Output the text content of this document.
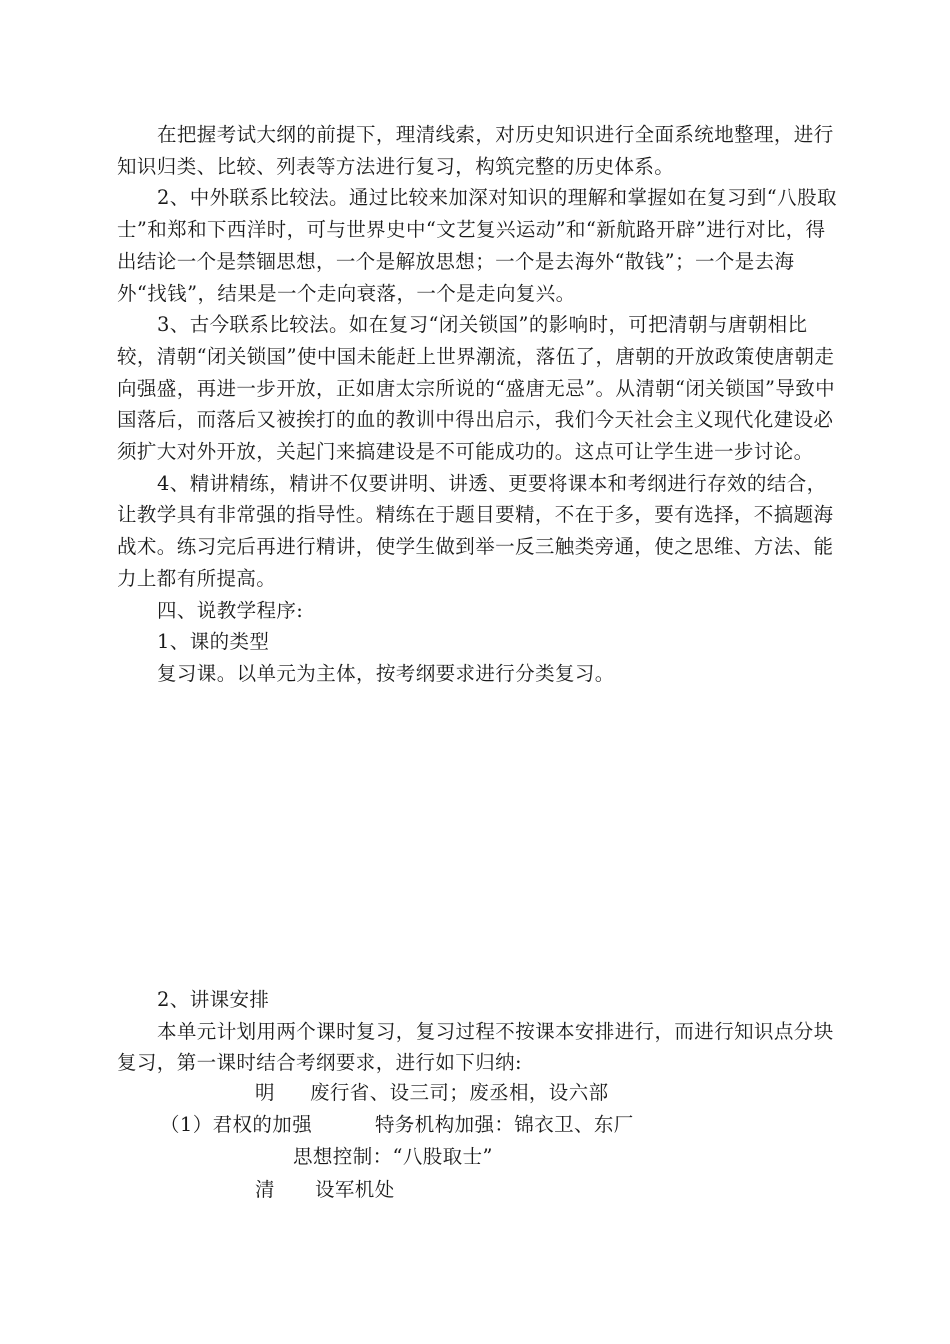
在把握考试大纲的前提下，理清线索，对历史知识进行全面系统地整理，进行知识归类、比较、列表等方法进行复习，构筑完整的历史体系。

2、中外联系比较法。通过比较来加深对知识的理解和掌握如在复习到“八股取士”和郑和下西洋时，可与世界史中“文艺复兴运动”和“新航路开辟”进行对比，得出结论一个是禁锢思想，一个是解放思想；一个是去海外“散钱”；一个是去海外“找钱”，结果是一个走向衰落，一个是走向复兴。

3、古今联系比较法。如在复习“闭关锁国”的影响时，可把清朝与唐朝相比较，清朝“闭关锁国”使中国未能赶上世界潮流，落伍了，唐朝的开放政策使唐朝走向强盛，再进一步开放，正如唐太宗所说的“盛唐无忌”。从清朝“闭关锁国”导致中国落后，而落后又被挨打的血的教训中得出启示，我们今天社会主义现代化建设必须扩大对外开放，关起门来搞建设是不可能成功的。这点可让学生进一步讨论。

4、精讲精练，精讲不仅要讲明、讲透、更要将课本和考纲进行存效的结合，让教学具有非常强的指导性。精练在于题目要精，不在于多，要有选择，不搞题海战术。练习完后再进行精讲，使学生做到举一反三触类旁通，使之思维、方法、能力上都有所提高。

四、说教学程序:

1、课的类型

复习课。以单元为主体，按考纲要求进行分类复习。

2、讲课安排

本单元计划用两个课时复习，复习过程不按课本安排进行，而进行知识点分块复习，第一课时结合考纲要求，进行如下归纳:

明 废行省、设三司；废丞相，设六部
（1）君权的加强	特务机构加强：锦衣卫、东厂
思想控制：“八股取士”
清 设军机处
